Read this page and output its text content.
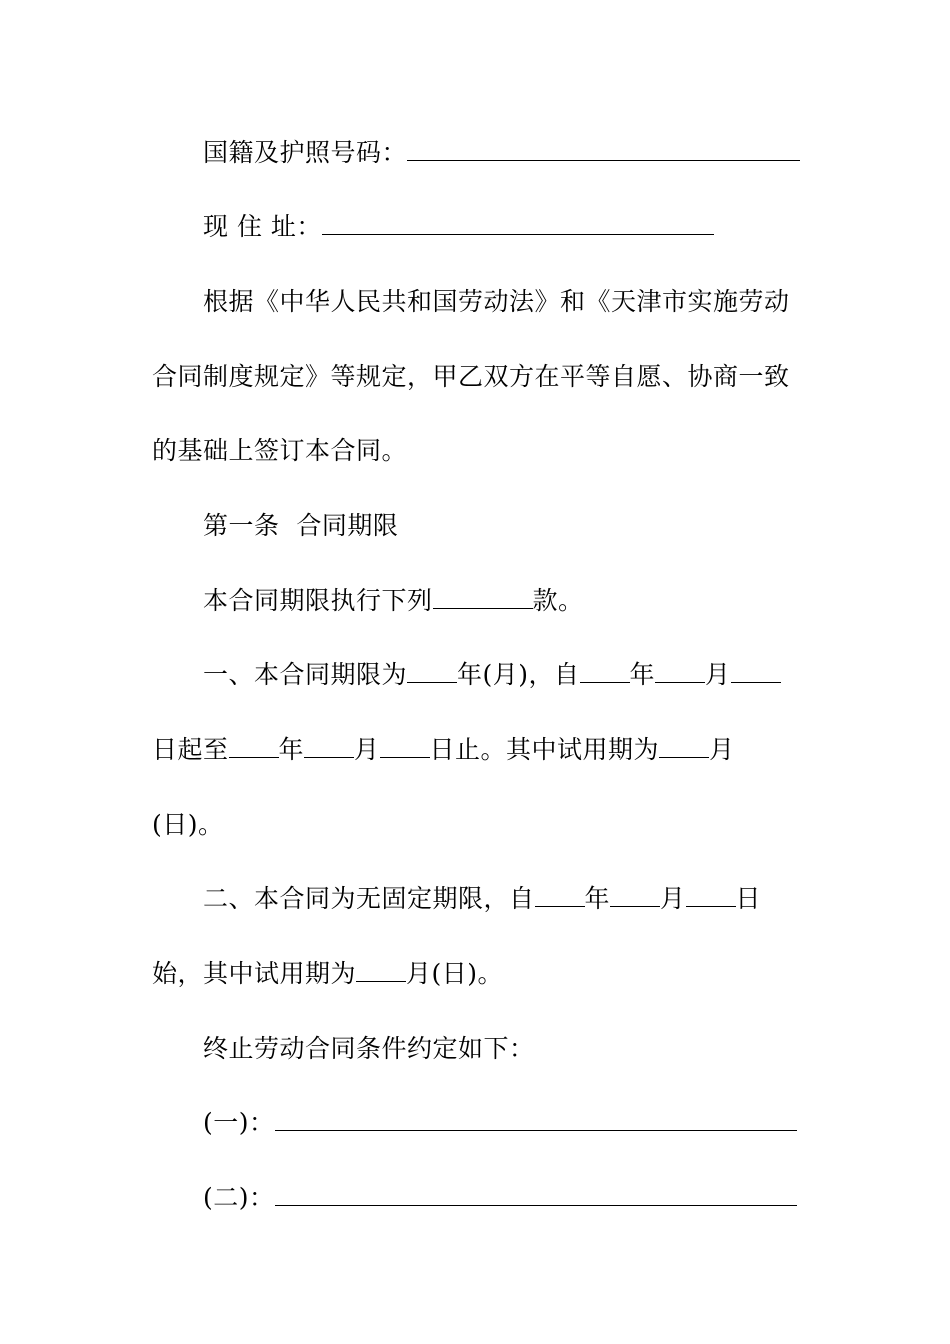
国籍及护照号码：
现 住 址：
根据《中华人民共和国劳动法》和《天津市实施劳动
合同制度规定》等规定，甲乙双方在平等自愿、协商一致
的基础上签订本合同。
第一条  合同期限
本合同期限执行下列	款。
一、本合同期限为 年(月)，自 年 月
日起至 年 月 日止。其中试用期为 月
(日)。
二、本合同为无固定期限，自 年 月 日
始，其中试用期为 月(日)。
终止劳动合同条件约定如下：
(一)：
(二)：
